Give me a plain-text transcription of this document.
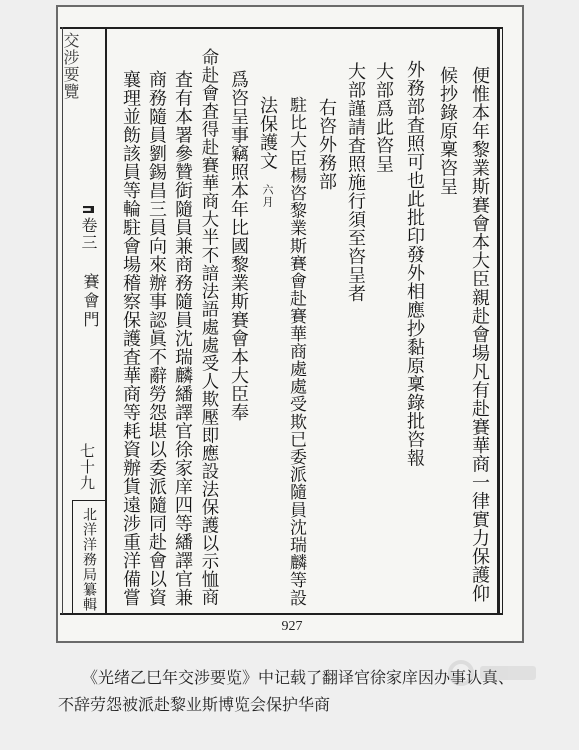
便惟本年黎業斯賽會本大臣親赴會場凡有赴賽華商一律實力保護仰
候抄錄原稟咨呈
外務部査照可也此批印發外相應抄黏原稟錄批咨報
大部爲此咨呈
大部謹請査照施行須至咨呈者
右咨外務部
駐比大臣楊咨黎業斯賽會赴賽華商處處受欺已委派隨員沈瑞麟等設
法保護文六月
爲咨呈事竊照本年比國黎業斯賽會本大臣奉
命赴會査得赴賽華商大半不諳法語處處受人欺壓即應設法保護以示恤商
査有本署參贊衘隨員兼商務隨員沈瑞麟繙譯官徐家庠四等繙譯官兼
商務隨員劉錫昌三員向來辦事認眞不辭勞怨堪以委派隨同赴會以資
襄理並飭該員等輪駐會場稽察保護査華商等耗資辦貨遠涉重洋備嘗
交涉要覽
卷三
賽會門
七十九
北洋洋務局纂輯
927
《光绪乙巳年交涉要览》中记载了翻译官徐家庠因办事认真、
不辞劳怨被派赴黎业斯博览会保护华商
